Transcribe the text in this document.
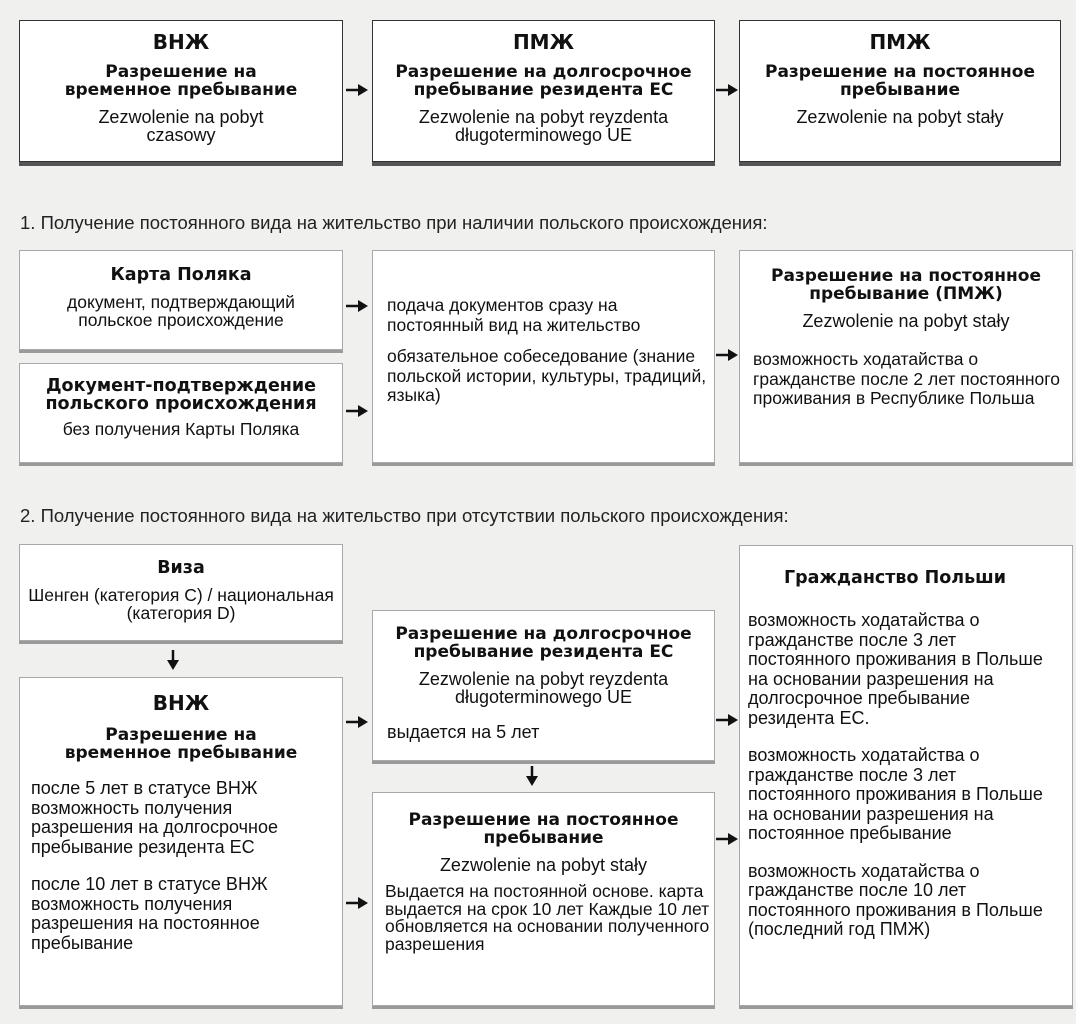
ВНЖ
Разрешение на временное пребывание
Zezwolenie na pobyt czasowy
ПМЖ
Разрешение на долгосрочное пребывание резидента ЕС
Zezwolenie na pobyt reyzdenta długoterminowego UE
ПМЖ
Разрешение на постоянное пребывание
Zezwolenie na pobyt stały
1. Получение постоянного вида на жительство при наличии польского происхождения:
Карта Поляка
документ, подтверждающий польское происхождение
Документ-подтверждение польского происхождения
без получения Карты Поляка
подача документов сразу на постоянный вид на жительство
обязательное собеседование (знание польской истории, культуры, традиций, языка)
Разрешение на постоянное пребывание (ПМЖ)
Zezwolenie na pobyt stały
возможность ходатайства о гражданстве после 2 лет постоянного проживания в Республике Польша
2. Получение постоянного вида на жительство при отсутствии польского происхождения:
Виза
Шенген (категория С) / национальная (категория D)
ВНЖ
Разрешение на временное пребывание
после 5 лет в статусе ВНЖ возможность получения разрешения на долгосрочное пребывание резидента ЕС
после 10 лет в статусе ВНЖ возможность получения разрешения на постоянное пребывание
Разрешение на долгосрочное пребывание резидента ЕС
Zezwolenie na pobyt reyzdenta długoterminowego UE
выдается на 5 лет
Разрешение на постоянное пребывание
Zezwolenie na pobyt stały
Выдается на постоянной основе. карта выдается на срок 10 лет Каждые 10 лет обновляется на основании полученного разрешения
Гражданство Польши
возможность ходатайства о гражданстве после 3 лет постоянного проживания в Польше на основании разрешения на долгосрочное пребывание резидента ЕС.
возможность ходатайства о гражданстве после 3 лет постоянного проживания в Польше на основании разрешения на постоянное пребывание
возможность ходатайства о гражданстве после 10 лет постоянного проживания в Польше (последний год ПМЖ)
